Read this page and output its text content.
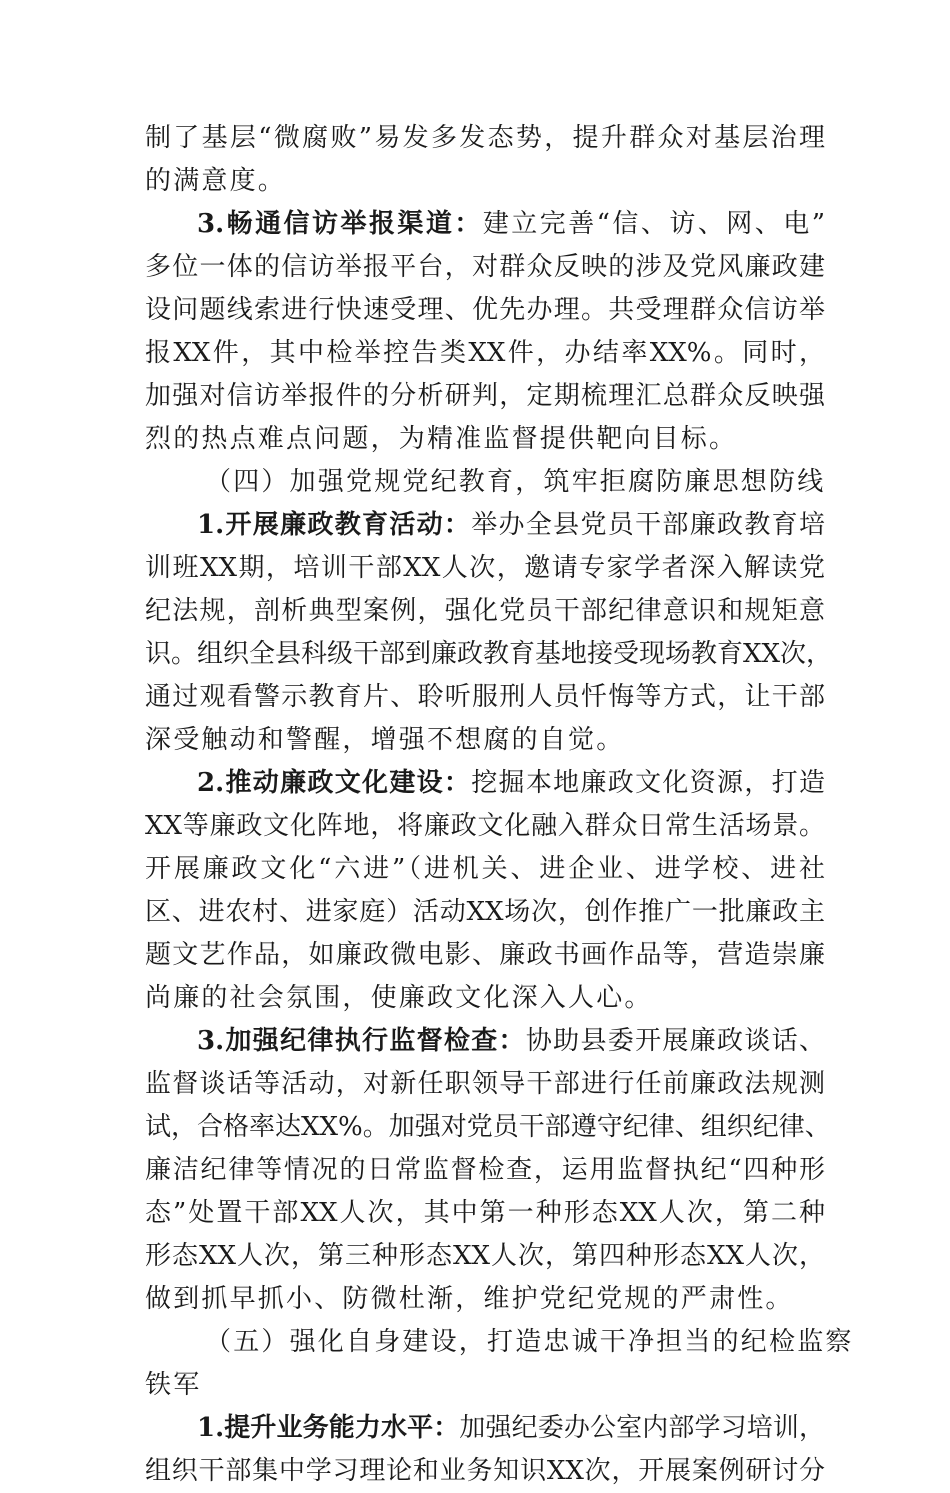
制了基层“微腐败”易发多发态势，提升群众对基层治理
的满意度。
3.畅通信访举报渠道：建立完善“信、访、网、电”
多位一体的信访举报平台，对群众反映的涉及党风廉政建
设问题线索进行快速受理、优先办理。共受理群众信访举
报XX件，其中检举控告类XX件，办结率XX%。同时，
加强对信访举报件的分析研判，定期梳理汇总群众反映强
烈的热点难点问题，为精准监督提供靶向目标。
（四）加强党规党纪教育，筑牢拒腐防廉思想防线
1.开展廉政教育活动：举办全县党员干部廉政教育培
训班XX期，培训干部XX人次，邀请专家学者深入解读党
纪法规，剖析典型案例，强化党员干部纪律意识和规矩意
识。组织全县科级干部到廉政教育基地接受现场教育XX次，
通过观看警示教育片、聆听服刑人员忏悔等方式，让干部
深受触动和警醒，增强不想腐的自觉。
2.推动廉政文化建设：挖掘本地廉政文化资源，打造
XX等廉政文化阵地，将廉政文化融入群众日常生活场景。
开展廉政文化“六进”（进机关、进企业、进学校、进社
区、进农村、进家庭）活动XX场次，创作推广一批廉政主
题文艺作品，如廉政微电影、廉政书画作品等，营造崇廉
尚廉的社会氛围，使廉政文化深入人心。
3.加强纪律执行监督检查：协助县委开展廉政谈话、
监督谈话等活动，对新任职领导干部进行任前廉政法规测
试，合格率达XX%。加强对党员干部遵守纪律、组织纪律、
廉洁纪律等情况的日常监督检查，运用监督执纪“四种形
态”处置干部XX人次，其中第一种形态XX人次，第二种
形态XX人次，第三种形态XX人次，第四种形态XX人次，
做到抓早抓小、防微杜渐，维护党纪党规的严肃性。
（五）强化自身建设，打造忠诚干净担当的纪检监察
铁军
1.提升业务能力水平：加强纪委办公室内部学习培训，
组织干部集中学习理论和业务知识XX次，开展案例研讨分
